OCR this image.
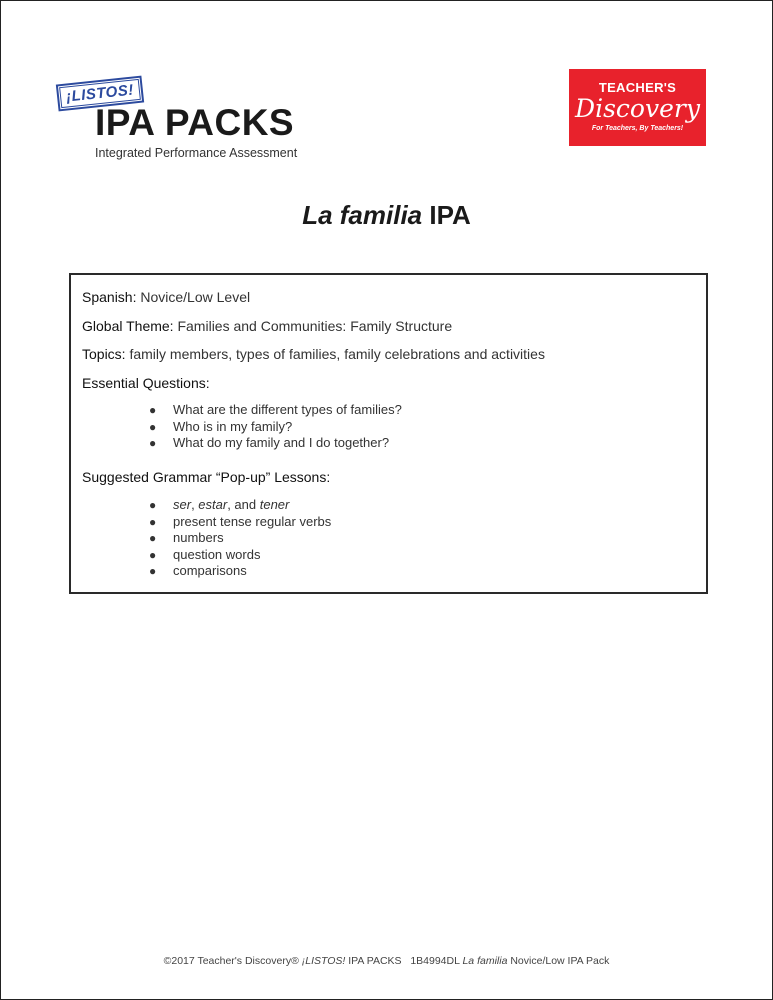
¡LISTOS!
IPA PACKS
Integrated Performance Assessment
TEACHER'S
Discovery
For Teachers, By Teachers!
La familia IPA
Spanish: Novice/Low Level
Global Theme: Families and Communities: Family Structure
Topics: family members, types of families, family celebrations and activities
Essential Questions:
● What are the different types of families?
● Who is in my family?
● What do my family and I do together?
Suggested Grammar “Pop-up” Lessons:
● ser, estar, and tener
● present tense regular verbs
● numbers
● question words
● comparisons
©2017 Teacher's Discovery® ¡LISTOS! IPA PACKS 1B4994DL La familia Novice/Low IPA Pack
